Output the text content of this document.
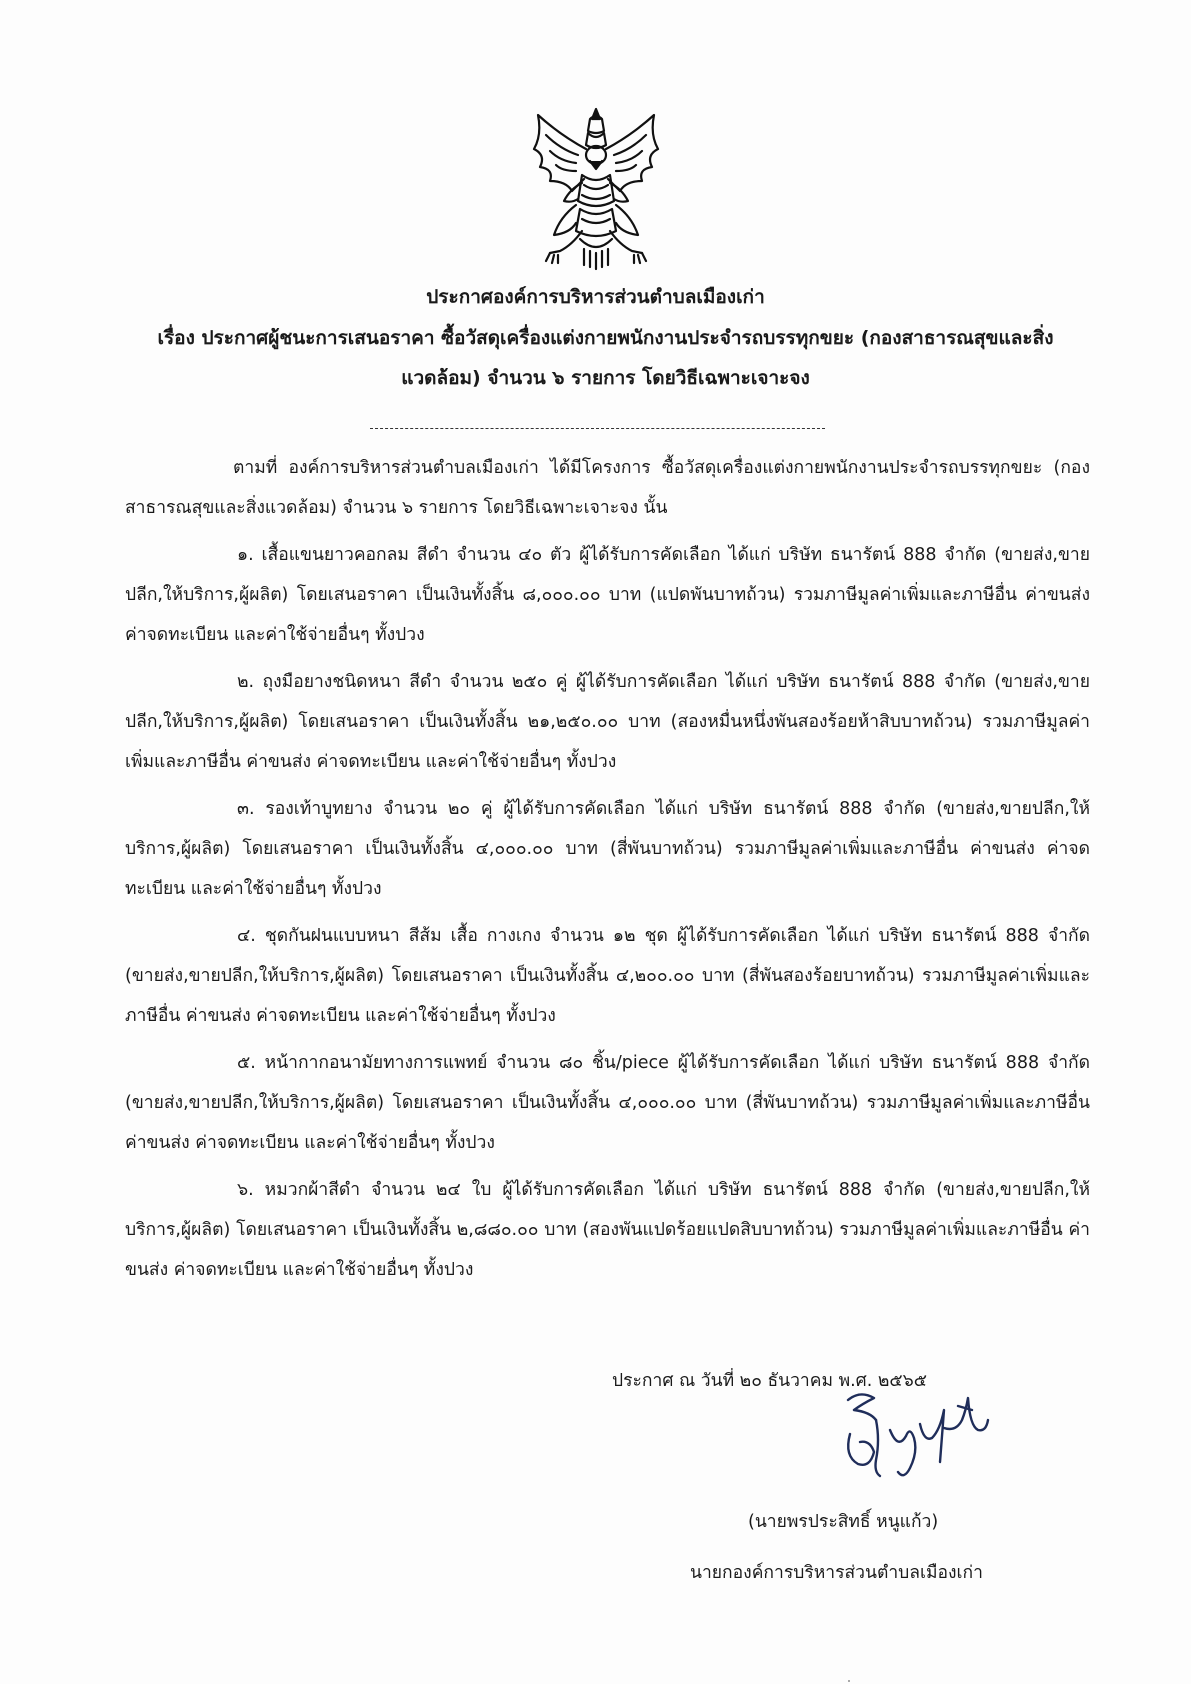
ประกาศองค์การบริหารส่วนตำบลเมืองเก่า
เรื่อง ประกาศผู้ชนะการเสนอราคา ซื้อวัสดุเครื่องแต่งกายพนักงานประจำรถบรรทุกขยะ (กองสาธารณสุขและสิ่งแวดล้อม) จำนวน ๖ รายการ โดยวิธีเฉพาะเจาะจง

ตามที่ องค์การบริหารส่วนตำบลเมืองเก่า ได้มีโครงการ ซื้อวัสดุเครื่องแต่งกายพนักงานประจำรถบรรทุกขยะ (กองสาธารณสุขและสิ่งแวดล้อม) จำนวน ๖ รายการ โดยวิธีเฉพาะเจาะจง นั้น

๑. เสื้อแขนยาวคอกลม สีดำ จำนวน ๔๐ ตัว ผู้ได้รับการคัดเลือก ได้แก่ บริษัท ธนารัตน์ 888 จำกัด (ขายส่ง,ขายปลีก,ให้บริการ,ผู้ผลิต) โดยเสนอราคา เป็นเงินทั้งสิ้น ๘,๐๐๐.๐๐ บาท (แปดพันบาทถ้วน) รวมภาษีมูลค่าเพิ่มและภาษีอื่น ค่าขนส่ง ค่าจดทะเบียน และค่าใช้จ่ายอื่นๆ ทั้งปวง

๒. ถุงมือยางชนิดหนา สีดำ จำนวน ๒๕๐ คู่ ผู้ได้รับการคัดเลือก ได้แก่ บริษัท ธนารัตน์ 888 จำกัด (ขายส่ง,ขายปลีก,ให้บริการ,ผู้ผลิต) โดยเสนอราคา เป็นเงินทั้งสิ้น ๒๑,๒๕๐.๐๐ บาท (สองหมื่นหนึ่งพันสองร้อยห้าสิบบาทถ้วน) รวมภาษีมูลค่าเพิ่มและภาษีอื่น ค่าขนส่ง ค่าจดทะเบียน และค่าใช้จ่ายอื่นๆ ทั้งปวง

๓. รองเท้าบูทยาง จำนวน ๒๐ คู่ ผู้ได้รับการคัดเลือก ได้แก่ บริษัท ธนารัตน์ 888 จำกัด (ขายส่ง,ขายปลีก,ให้บริการ,ผู้ผลิต) โดยเสนอราคา เป็นเงินทั้งสิ้น ๔,๐๐๐.๐๐ บาท (สี่พันบาทถ้วน) รวมภาษีมูลค่าเพิ่มและภาษีอื่น ค่าขนส่ง ค่าจดทะเบียน และค่าใช้จ่ายอื่นๆ ทั้งปวง

๔. ชุดกันฝนแบบหนา สีส้ม เสื้อ กางเกง จำนวน ๑๒ ชุด ผู้ได้รับการคัดเลือก ได้แก่ บริษัท ธนารัตน์ 888 จำกัด (ขายส่ง,ขายปลีก,ให้บริการ,ผู้ผลิต) โดยเสนอราคา เป็นเงินทั้งสิ้น ๔,๒๐๐.๐๐ บาท (สี่พันสองร้อยบาทถ้วน) รวมภาษีมูลค่าเพิ่มและภาษีอื่น ค่าขนส่ง ค่าจดทะเบียน และค่าใช้จ่ายอื่นๆ ทั้งปวง

๕. หน้ากากอนามัยทางการแพทย์ จำนวน ๘๐ ชิ้น/piece ผู้ได้รับการคัดเลือก ได้แก่ บริษัท ธนารัตน์ 888 จำกัด (ขายส่ง,ขายปลีก,ให้บริการ,ผู้ผลิต) โดยเสนอราคา เป็นเงินทั้งสิ้น ๔,๐๐๐.๐๐ บาท (สี่พันบาทถ้วน) รวมภาษีมูลค่าเพิ่มและภาษีอื่น ค่าขนส่ง ค่าจดทะเบียน และค่าใช้จ่ายอื่นๆ ทั้งปวง

๖. หมวกผ้าสีดำ จำนวน ๒๔ ใบ ผู้ได้รับการคัดเลือก ได้แก่ บริษัท ธนารัตน์ 888 จำกัด (ขายส่ง,ขายปลีก,ให้บริการ,ผู้ผลิต) โดยเสนอราคา เป็นเงินทั้งสิ้น ๒,๘๘๐.๐๐ บาท (สองพันแปดร้อยแปดสิบบาทถ้วน) รวมภาษีมูลค่าเพิ่มและภาษีอื่น ค่าขนส่ง ค่าจดทะเบียน และค่าใช้จ่ายอื่นๆ ทั้งปวง

ประกาศ ณ วันที่ ๒๐ ธันวาคม พ.ศ. ๒๕๖๕
(นายพรประสิทธิ์ หนูแก้ว)
นายกองค์การบริหารส่วนตำบลเมืองเก่า
